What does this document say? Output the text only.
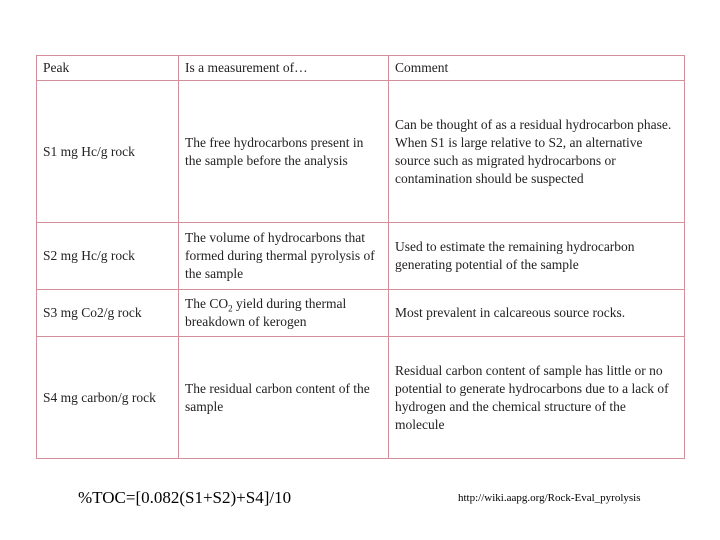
Peak	Is a measurement of…	Comment
S1 mg Hc/g rock	The free hydrocarbons present in the sample before the analysis	Can be thought of as a residual hydrocarbon phase. When S1 is large relative to S2, an alternative source such as migrated hydrocarbons or contamination should be suspected
S2 mg Hc/g rock	The volume of hydrocarbons that formed during thermal pyrolysis of the sample	Used to estimate the remaining hydrocarbon generating potential of the sample
S3 mg Co2/g rock	The $CO_2$ yield during thermal breakdown of kerogen	Most prevalent in calcareous source rocks.
S4 mg carbon/g rock	The residual carbon content of the sample	Residual carbon content of sample has little or no potential to generate hydrocarbons due to a lack of hydrogen and the chemical structure of the molecule
%TOC=[0.082(S1+S2)+S4]/10	http://wiki.aapg.org/Rock-Eval_pyrolysis
